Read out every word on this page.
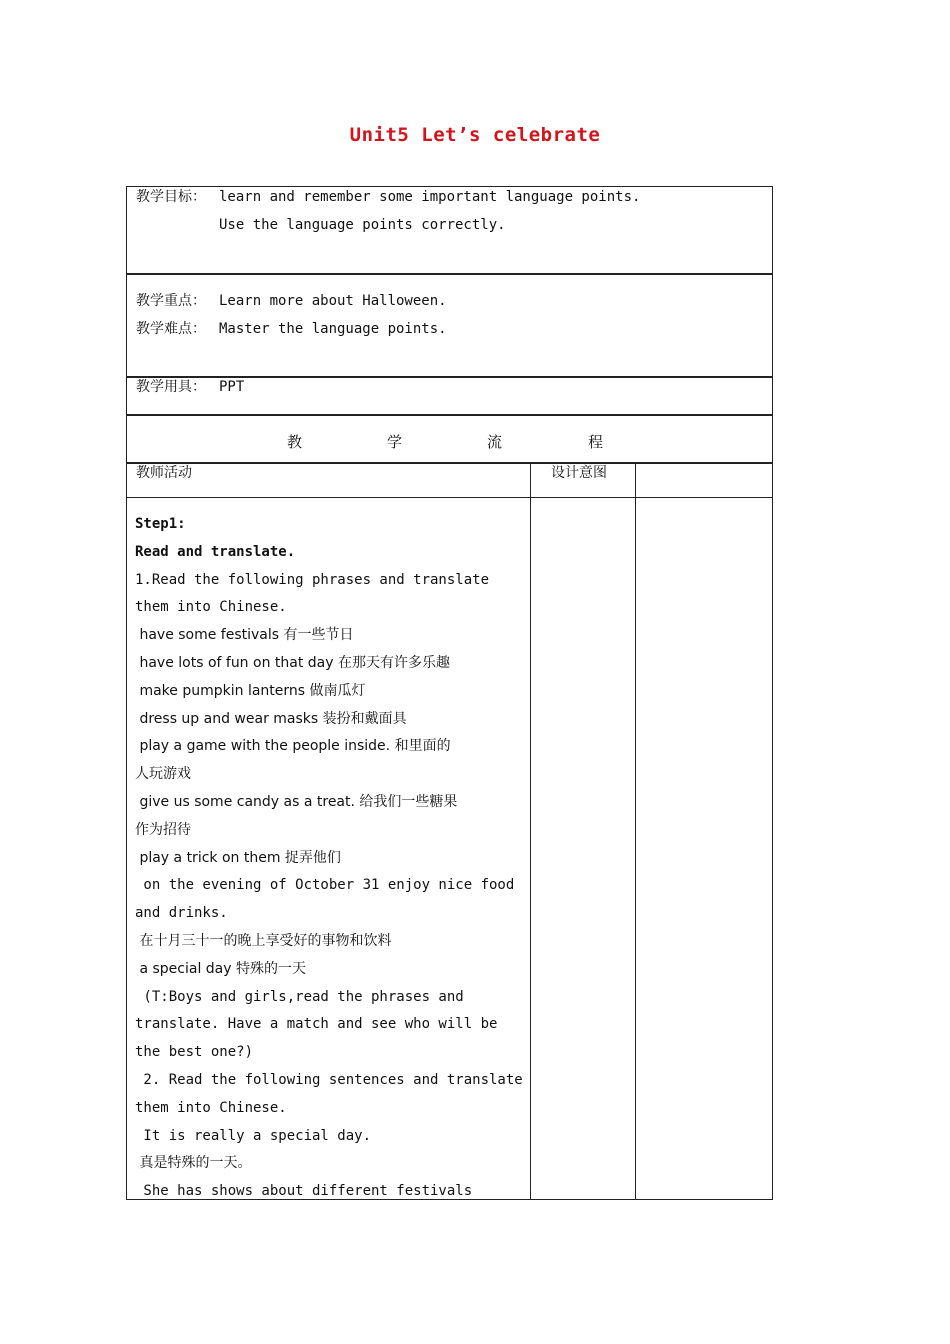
Unit5 Let’s celebrate
教学目标： learn and remember some important language points.
Use the language points correctly.
教学重点： Learn more about Halloween.
教学难点： Master the language points.
教学用具： PPT
教	学	流	程
教师活动	设计意图
Step1:
Read and translate.
1.Read the following phrases and translate
them into Chinese.
have some festivals 有一些节日
have lots of fun on that day 在那天有许多乐趣
make pumpkin lanterns 做南瓜灯
dress up and wear masks 装扮和戴面具
play a game with the people inside. 和里面的
人玩游戏
give us some candy as a treat. 给我们一些糖果
作为招待
play a trick on them 捉弄他们
on the evening of October 31 enjoy nice food
and drinks.
在十月三十一的晚上享受好的事物和饮料
a special day 特殊的一天
(T:Boys and girls,read the phrases and
translate. Have a match and see who will be
the best one?)
2. Read the following sentences and translate
them into Chinese.
It is really a special day.
真是特殊的一天。
She has shows about different festivals
